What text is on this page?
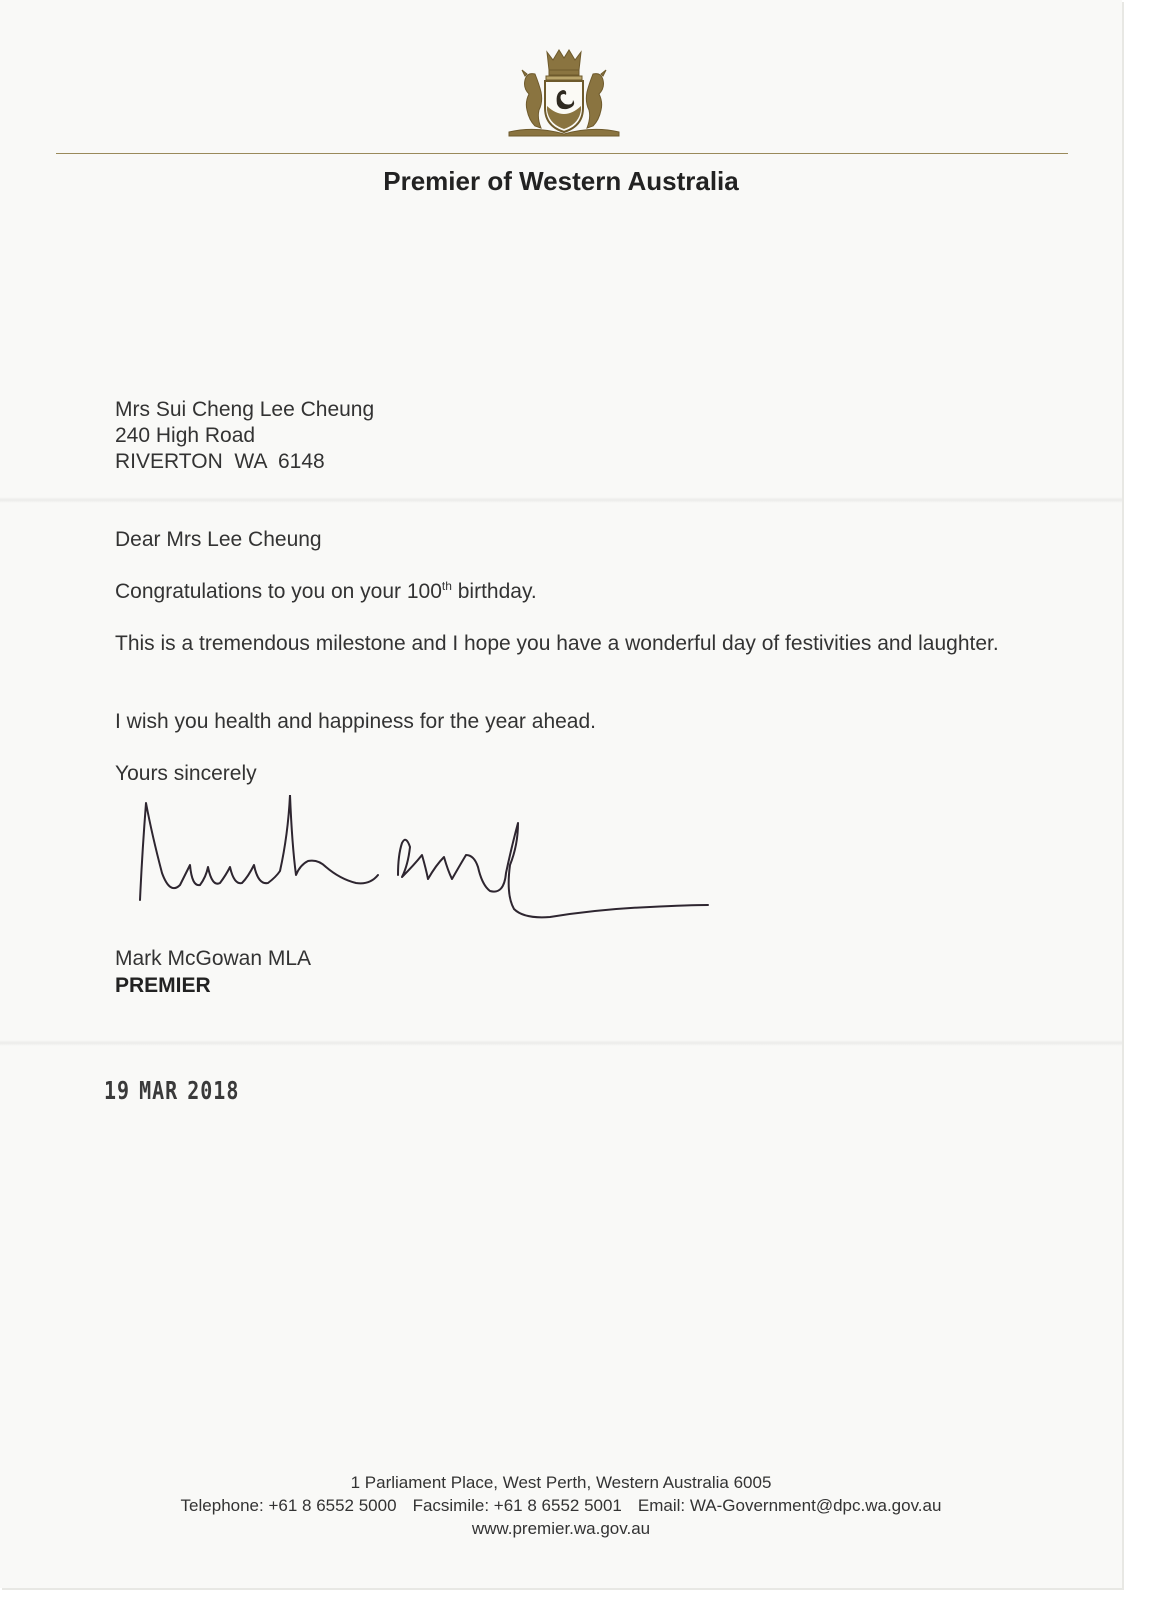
Premier of Western Australia
Mrs Sui Cheng Lee Cheung
240 High Road
RIVERTON  WA  6148
Dear Mrs Lee Cheung
Congratulations to you on your 100th birthday.
This is a tremendous milestone and I hope you have a wonderful day of festivities and laughter.
I wish you health and happiness for the year ahead.
Yours sincerely
Mark McGowan MLA
PREMIER
19 MAR 2018
1 Parliament Place, West Perth, Western Australia 6005
Telephone: +61 8 6552 5000 Facsimile: +61 8 6552 5001 Email: WA-Government@dpc.wa.gov.au
www.premier.wa.gov.au
